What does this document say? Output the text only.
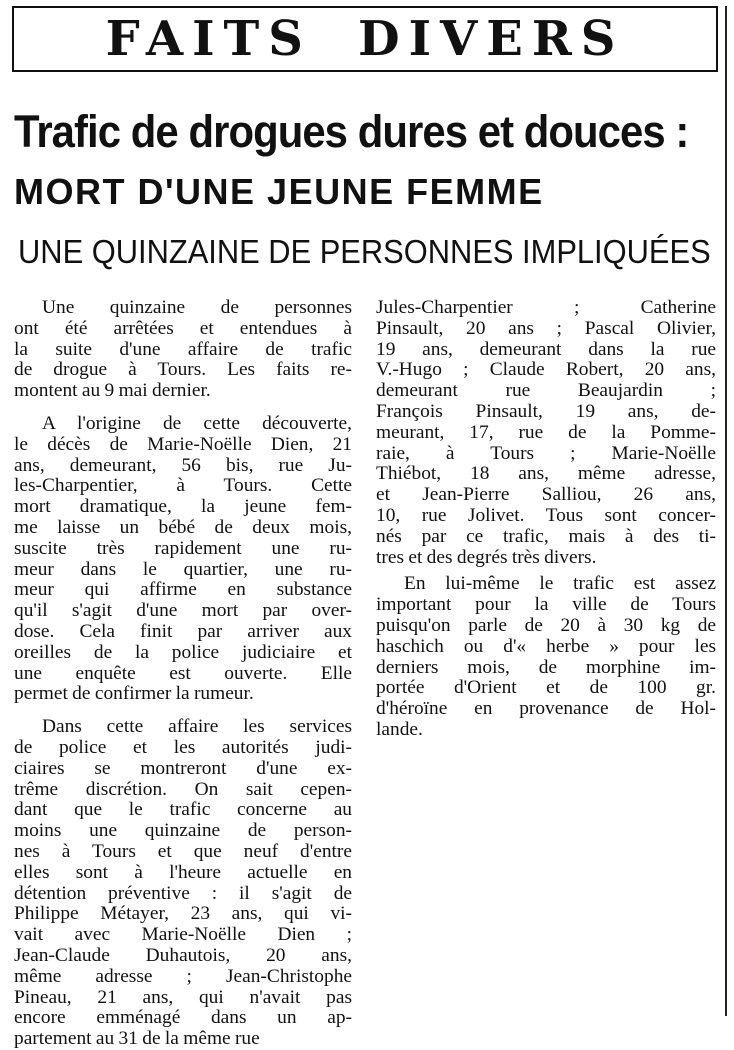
FAITS DIVERS
Trafic de drogues dures et douces :
MORT D'UNE JEUNE FEMME
UNE QUINZAINE DE PERSONNES IMPLIQUÉES
Une quinzaine de personnes
ont été arrêtées et entendues à
la suite d'une affaire de trafic
de drogue à Tours. Les faits re-
montent au 9 mai dernier.
A l'origine de cette découverte,
le décès de Marie-Noëlle Dien, 21
ans, demeurant, 56 bis, rue Ju-
les-Charpentier, à Tours. Cette
mort dramatique, la jeune fem-
me laisse un bébé de deux mois,
suscite très rapidement une ru-
meur dans le quartier, une ru-
meur qui affirme en substance
qu'il s'agit d'une mort par over-
dose. Cela finit par arriver aux
oreilles de la police judiciaire et
une enquête est ouverte. Elle
permet de confirmer la rumeur.
Dans cette affaire les services
de police et les autorités judi-
ciaires se montreront d'une ex-
trême discrétion. On sait cepen-
dant que le trafic concerne au
moins une quinzaine de person-
nes à Tours et que neuf d'entre
elles sont à l'heure actuelle en
détention préventive : il s'agit de
Philippe Métayer, 23 ans, qui vi-
vait avec Marie-Noëlle Dien ;
Jean-Claude Duhautois, 20 ans,
même adresse ; Jean-Christophe
Pineau, 21 ans, qui n'avait pas
encore emménagé dans un ap-
partement au 31 de la même rue
Jules-Charpentier ; Catherine
Pinsault, 20 ans ; Pascal Olivier,
19 ans, demeurant dans la rue
V.-Hugo ; Claude Robert, 20 ans,
demeurant rue Beaujardin ;
François Pinsault, 19 ans, de-
meurant, 17, rue de la Pomme-
raie, à Tours ; Marie-Noëlle
Thiébot, 18 ans, même adresse,
et Jean-Pierre Salliou, 26 ans,
10, rue Jolivet. Tous sont concer-
nés par ce trafic, mais à des ti-
tres et des degrés très divers.
En lui-même le trafic est assez
important pour la ville de Tours
puisqu'on parle de 20 à 30 kg de
haschich ou d'« herbe » pour les
derniers mois, de morphine im-
portée d'Orient et de 100 gr.
d'héroïne en provenance de Hol-
lande.
